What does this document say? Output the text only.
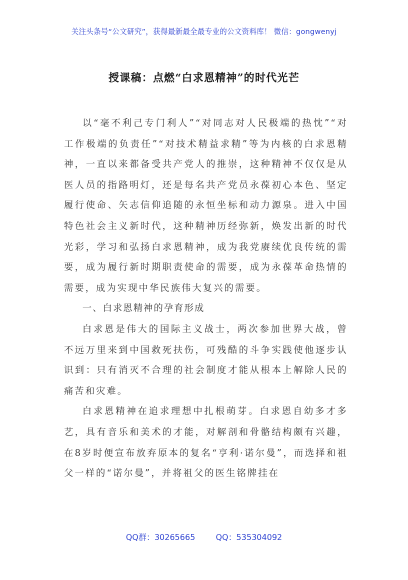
关注头条号“公文研究”，获得最新最全最专业的公文资料库！ 微信：gongwenyj
授课稿：点燃“白求恩精神”的时代光芒

以“毫不利己专门利人”“对同志对人民极端的热忱”“对工作极端的负责任”“对技术精益求精”等为内核的白求恩精神，一直以来都备受共产党人的推崇，这种精神不仅仅是从医人员的指路明灯，还是每名共产党员永葆初心本色、坚定履行使命、矢志信仰追随的永恒坐标和动力源泉。进入中国特色社会主义新时代，这种精神历经弥新，焕发出新的时代光彩，学习和弘扬白求恩精神，成为我党赓续优良传统的需要，成为履行新时期职责使命的需要，成为永葆革命热情的需要，成为实现中华民族伟大复兴的需要。

一、白求恩精神的孕育形成

白求恩是伟大的国际主义战士，两次参加世界大战，曾不远万里来到中国救死扶伤，可残酷的斗争实践使他逐步认识到：只有消灭不合理的社会制度才能从根本上解除人民的痛苦和灾难。

白求恩精神在追求理想中扎根萌芽。白求恩自幼多才多艺，具有音乐和美术的才能，对解剖和骨骼结构颇有兴趣，在8岁时便宣布放弃原本的复名“亨利·诺尔曼”，而选择和祖父一样的“诺尔曼”，并将祖父的医生铭牌挂在

QQ群：30265665	QQ：535304092
